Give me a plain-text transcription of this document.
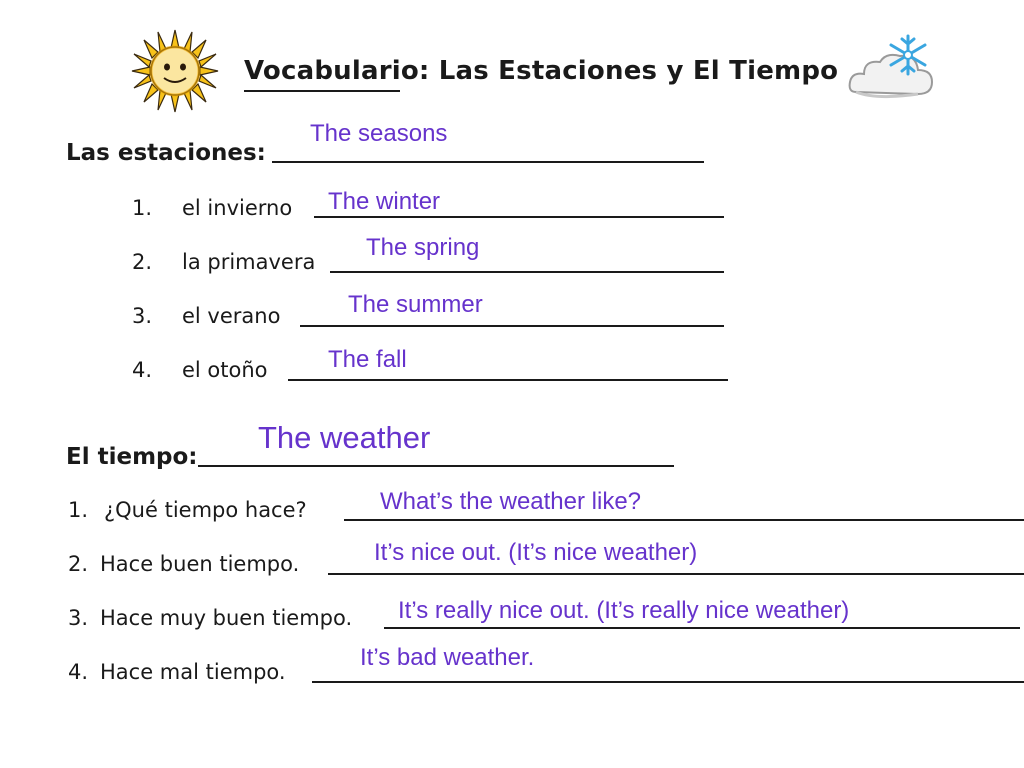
Vocabulario: Las Estaciones y El Tiempo
The seasons
Las estaciones:
The winter
1. el invierno
The spring
2. la primavera
The summer
3. el verano
The fall
4. el otoño
The weather
El tiempo:
What’s the weather like?
1. ¿Qué tiempo hace?
It’s nice out. (It’s nice weather)
2. Hace buen tiempo.
It’s really nice out. (It’s really nice weather)
3. Hace muy buen tiempo.
It’s bad weather.
4. Hace mal tiempo.
